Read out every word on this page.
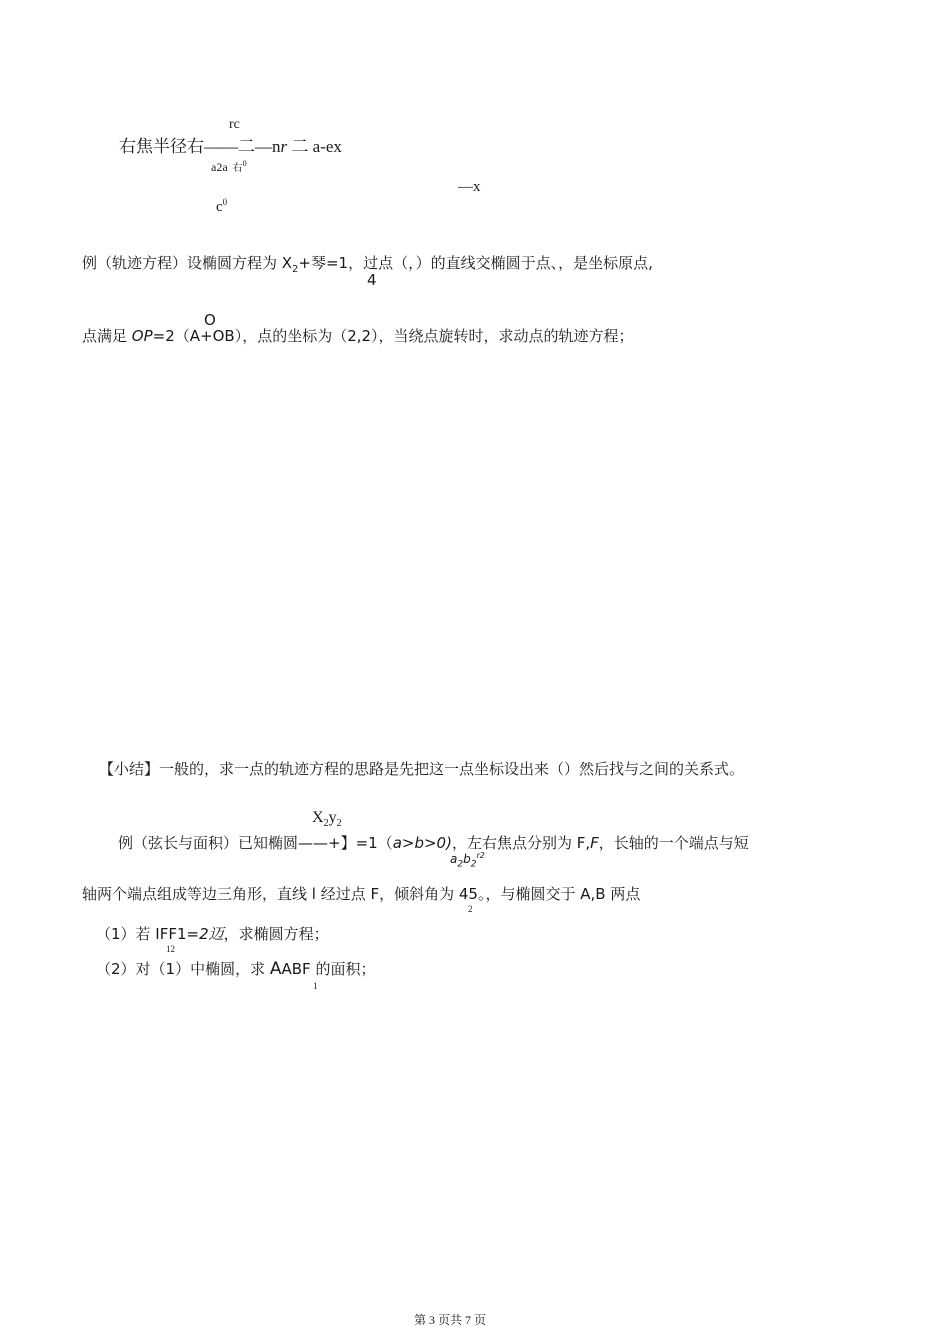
rc
右焦半径右——二—nr 二 a-ex
a2a 右$^0$
—x
$c^0$
例（轨迹方程）设椭圆方程为 $X_2+$琴=1，过点（，）的直线交椭圆于点、，是坐标原点,
4
O
点满足 OP=2（A+OB），点的坐标为（2,2），当绕点旋转时，求动点的轨迹方程；
【小结】一般的，求一点的轨迹方程的思路是先把这一点坐标设出来（）然后找与之间的关系式。
$X_2y_2$
例（弦长与面积）已知椭圆——+】=1（a>b>0)，左右焦点分别为 F,F，长轴的一个端点与短
$a_2b_2^{r2}$
轴两个端点组成等边三角形，直线 l 经过点 F，倾斜角为 45。，与椭圆交于 A,B 两点
2
（1）若 IFF1=2迈，求椭圆方程；
12
（2）对（1）中椭圆，求 AABF 的面积；
1
第 3 页共 7 页
